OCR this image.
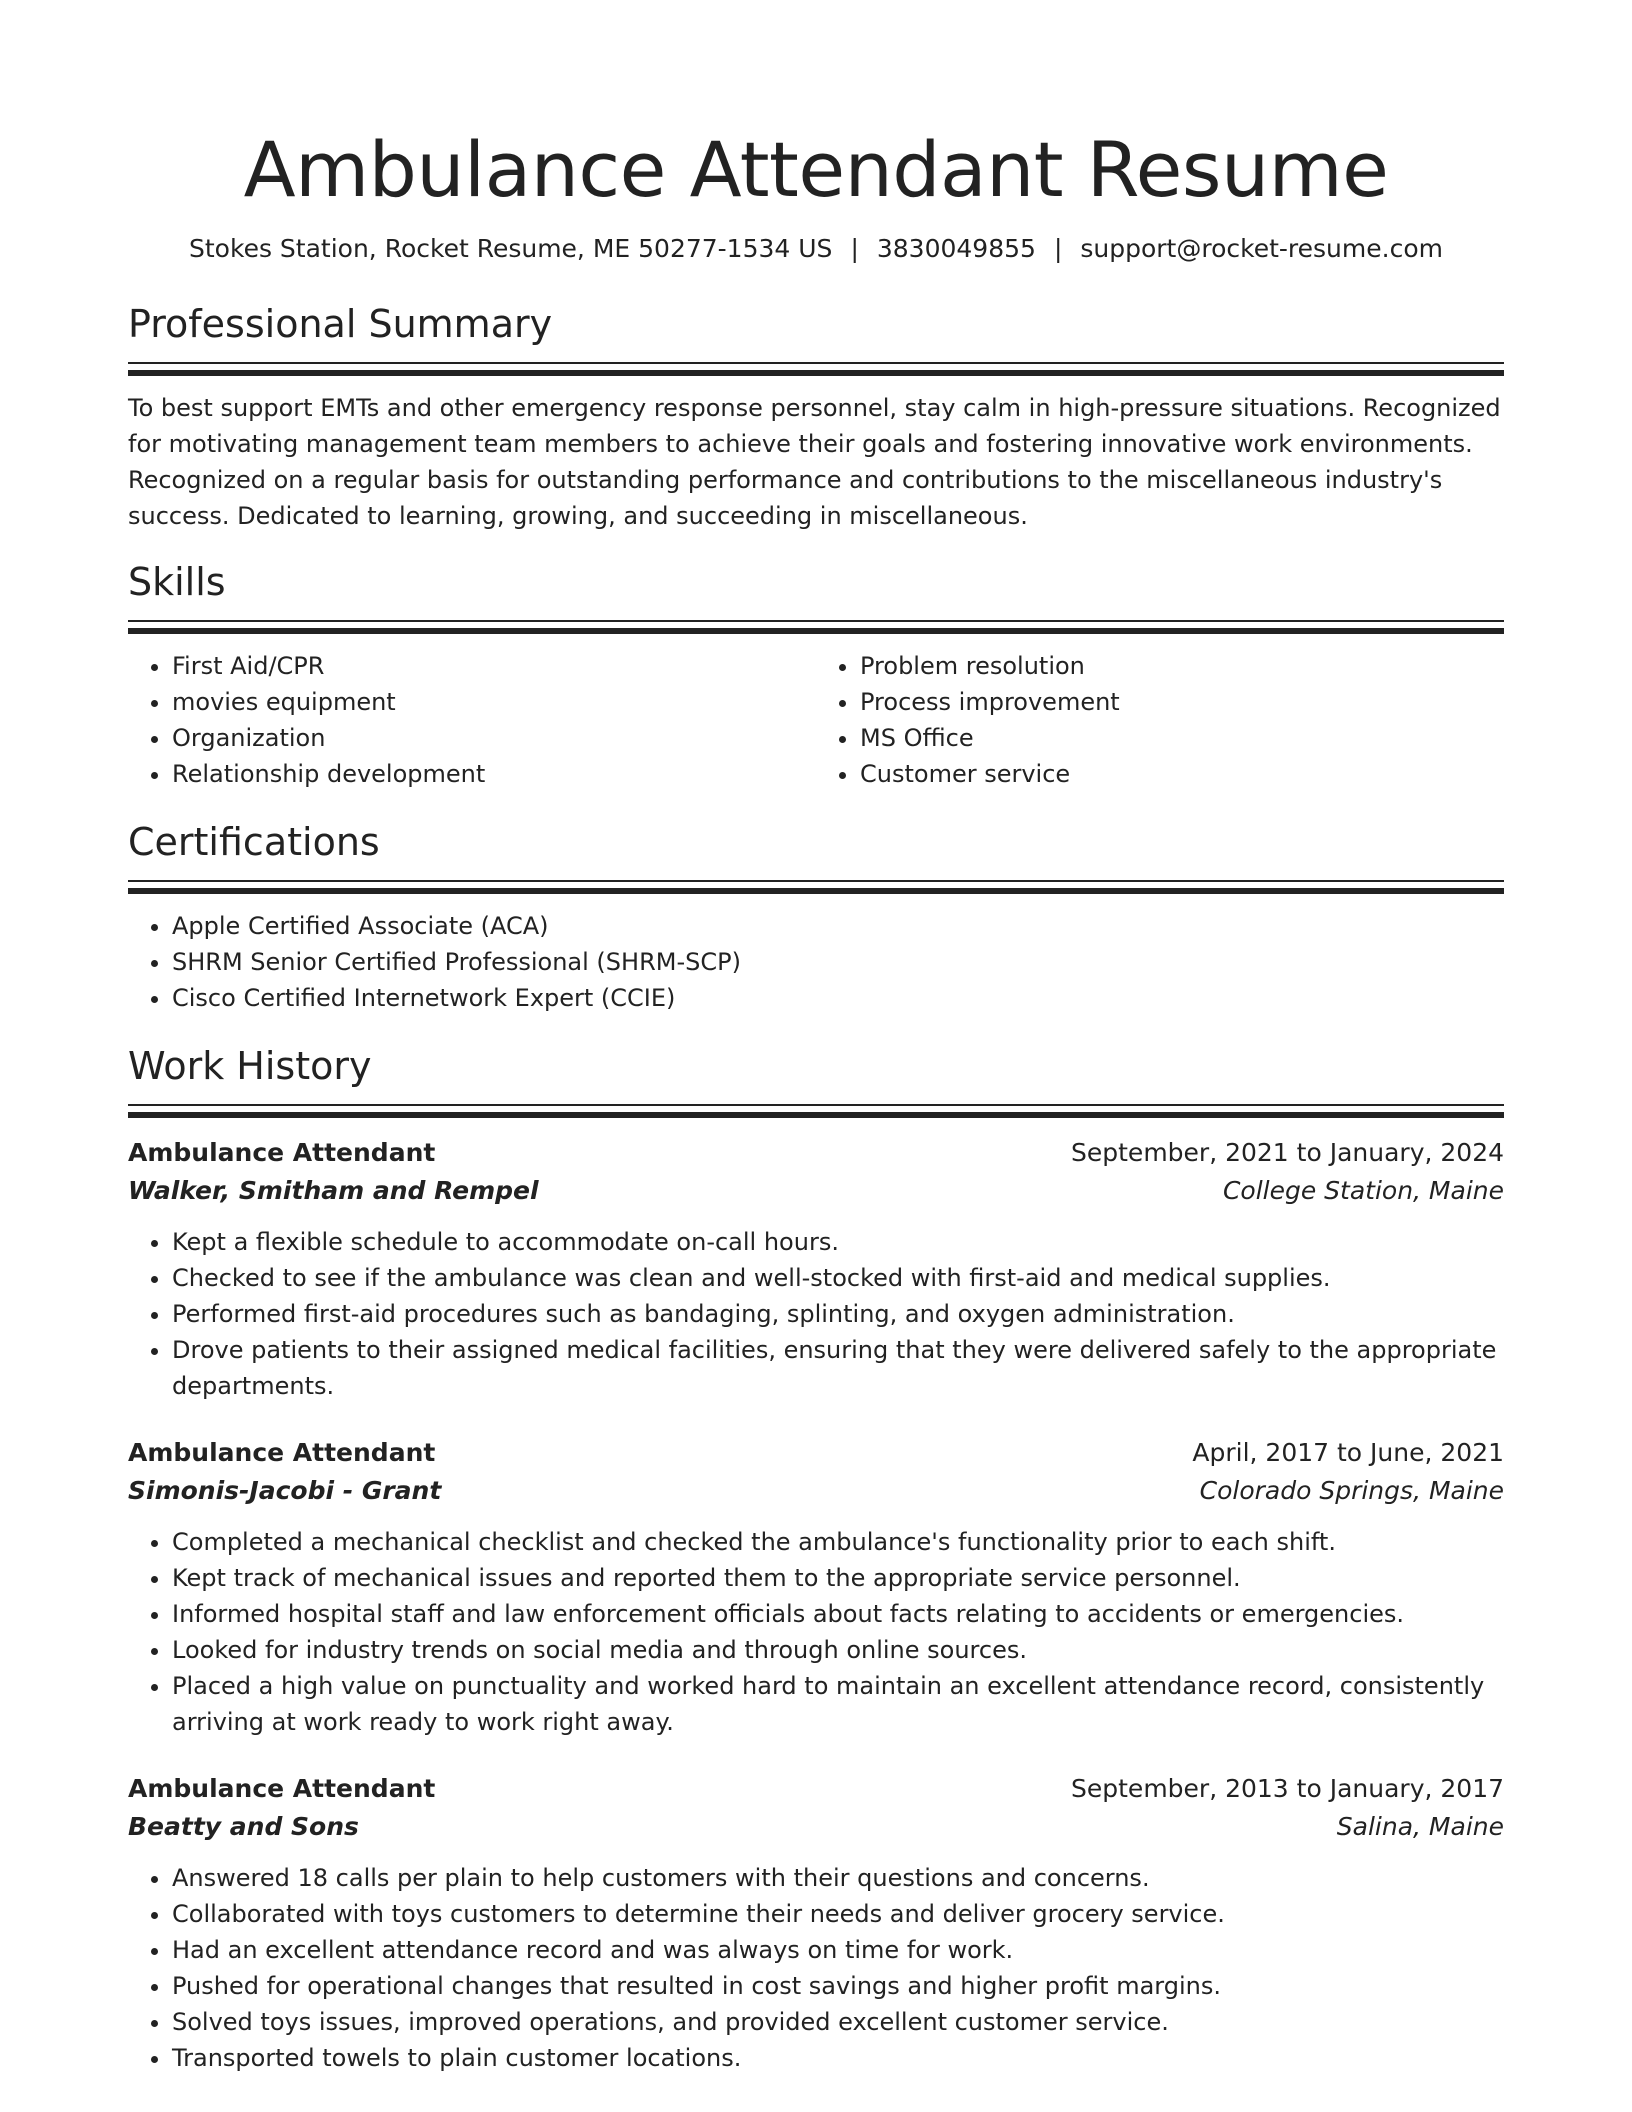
Ambulance Attendant Resume
Stokes Station, Rocket Resume, ME 50277-1534 US | 3830049855 | support@rocket-resume.com
Professional Summary

To best support EMTs and other emergency response personnel, stay calm in high-pressure situations. Recognized for motivating management team members to achieve their goals and fostering innovative work environments. Recognized on a regular basis for outstanding performance and contributions to the miscellaneous industry's success. Dedicated to learning, growing, and succeeding in miscellaneous.

Skills
• First Aid/CPR
• movies equipment
• Organization
• Relationship development
• Problem resolution
• Process improvement
• MS Office
• Customer service
Certifications
• Apple Certified Associate (ACA)
• SHRM Senior Certified Professional (SHRM-SCP)
• Cisco Certified Internetwork Expert (CCIE)
Work History
Ambulance Attendant	September, 2021 to January, 2024
Walker, Smitham and Rempel	College Station, Maine
• Kept a flexible schedule to accommodate on-call hours.
• Checked to see if the ambulance was clean and well-stocked with first-aid and medical supplies.
• Performed first-aid procedures such as bandaging, splinting, and oxygen administration.
• Drove patients to their assigned medical facilities, ensuring that they were delivered safely to the appropriate departments.
Ambulance Attendant	April, 2017 to June, 2021
Simonis-Jacobi - Grant	Colorado Springs, Maine
• Completed a mechanical checklist and checked the ambulance's functionality prior to each shift.
• Kept track of mechanical issues and reported them to the appropriate service personnel.
• Informed hospital staff and law enforcement officials about facts relating to accidents or emergencies.
• Looked for industry trends on social media and through online sources.
• Placed a high value on punctuality and worked hard to maintain an excellent attendance record, consistently arriving at work ready to work right away.
Ambulance Attendant	September, 2013 to January, 2017
Beatty and Sons	Salina, Maine
• Answered 18 calls per plain to help customers with their questions and concerns.
• Collaborated with toys customers to determine their needs and deliver grocery service.
• Had an excellent attendance record and was always on time for work.
• Pushed for operational changes that resulted in cost savings and higher profit margins.
• Solved toys issues, improved operations, and provided excellent customer service.
• Transported towels to plain customer locations.
